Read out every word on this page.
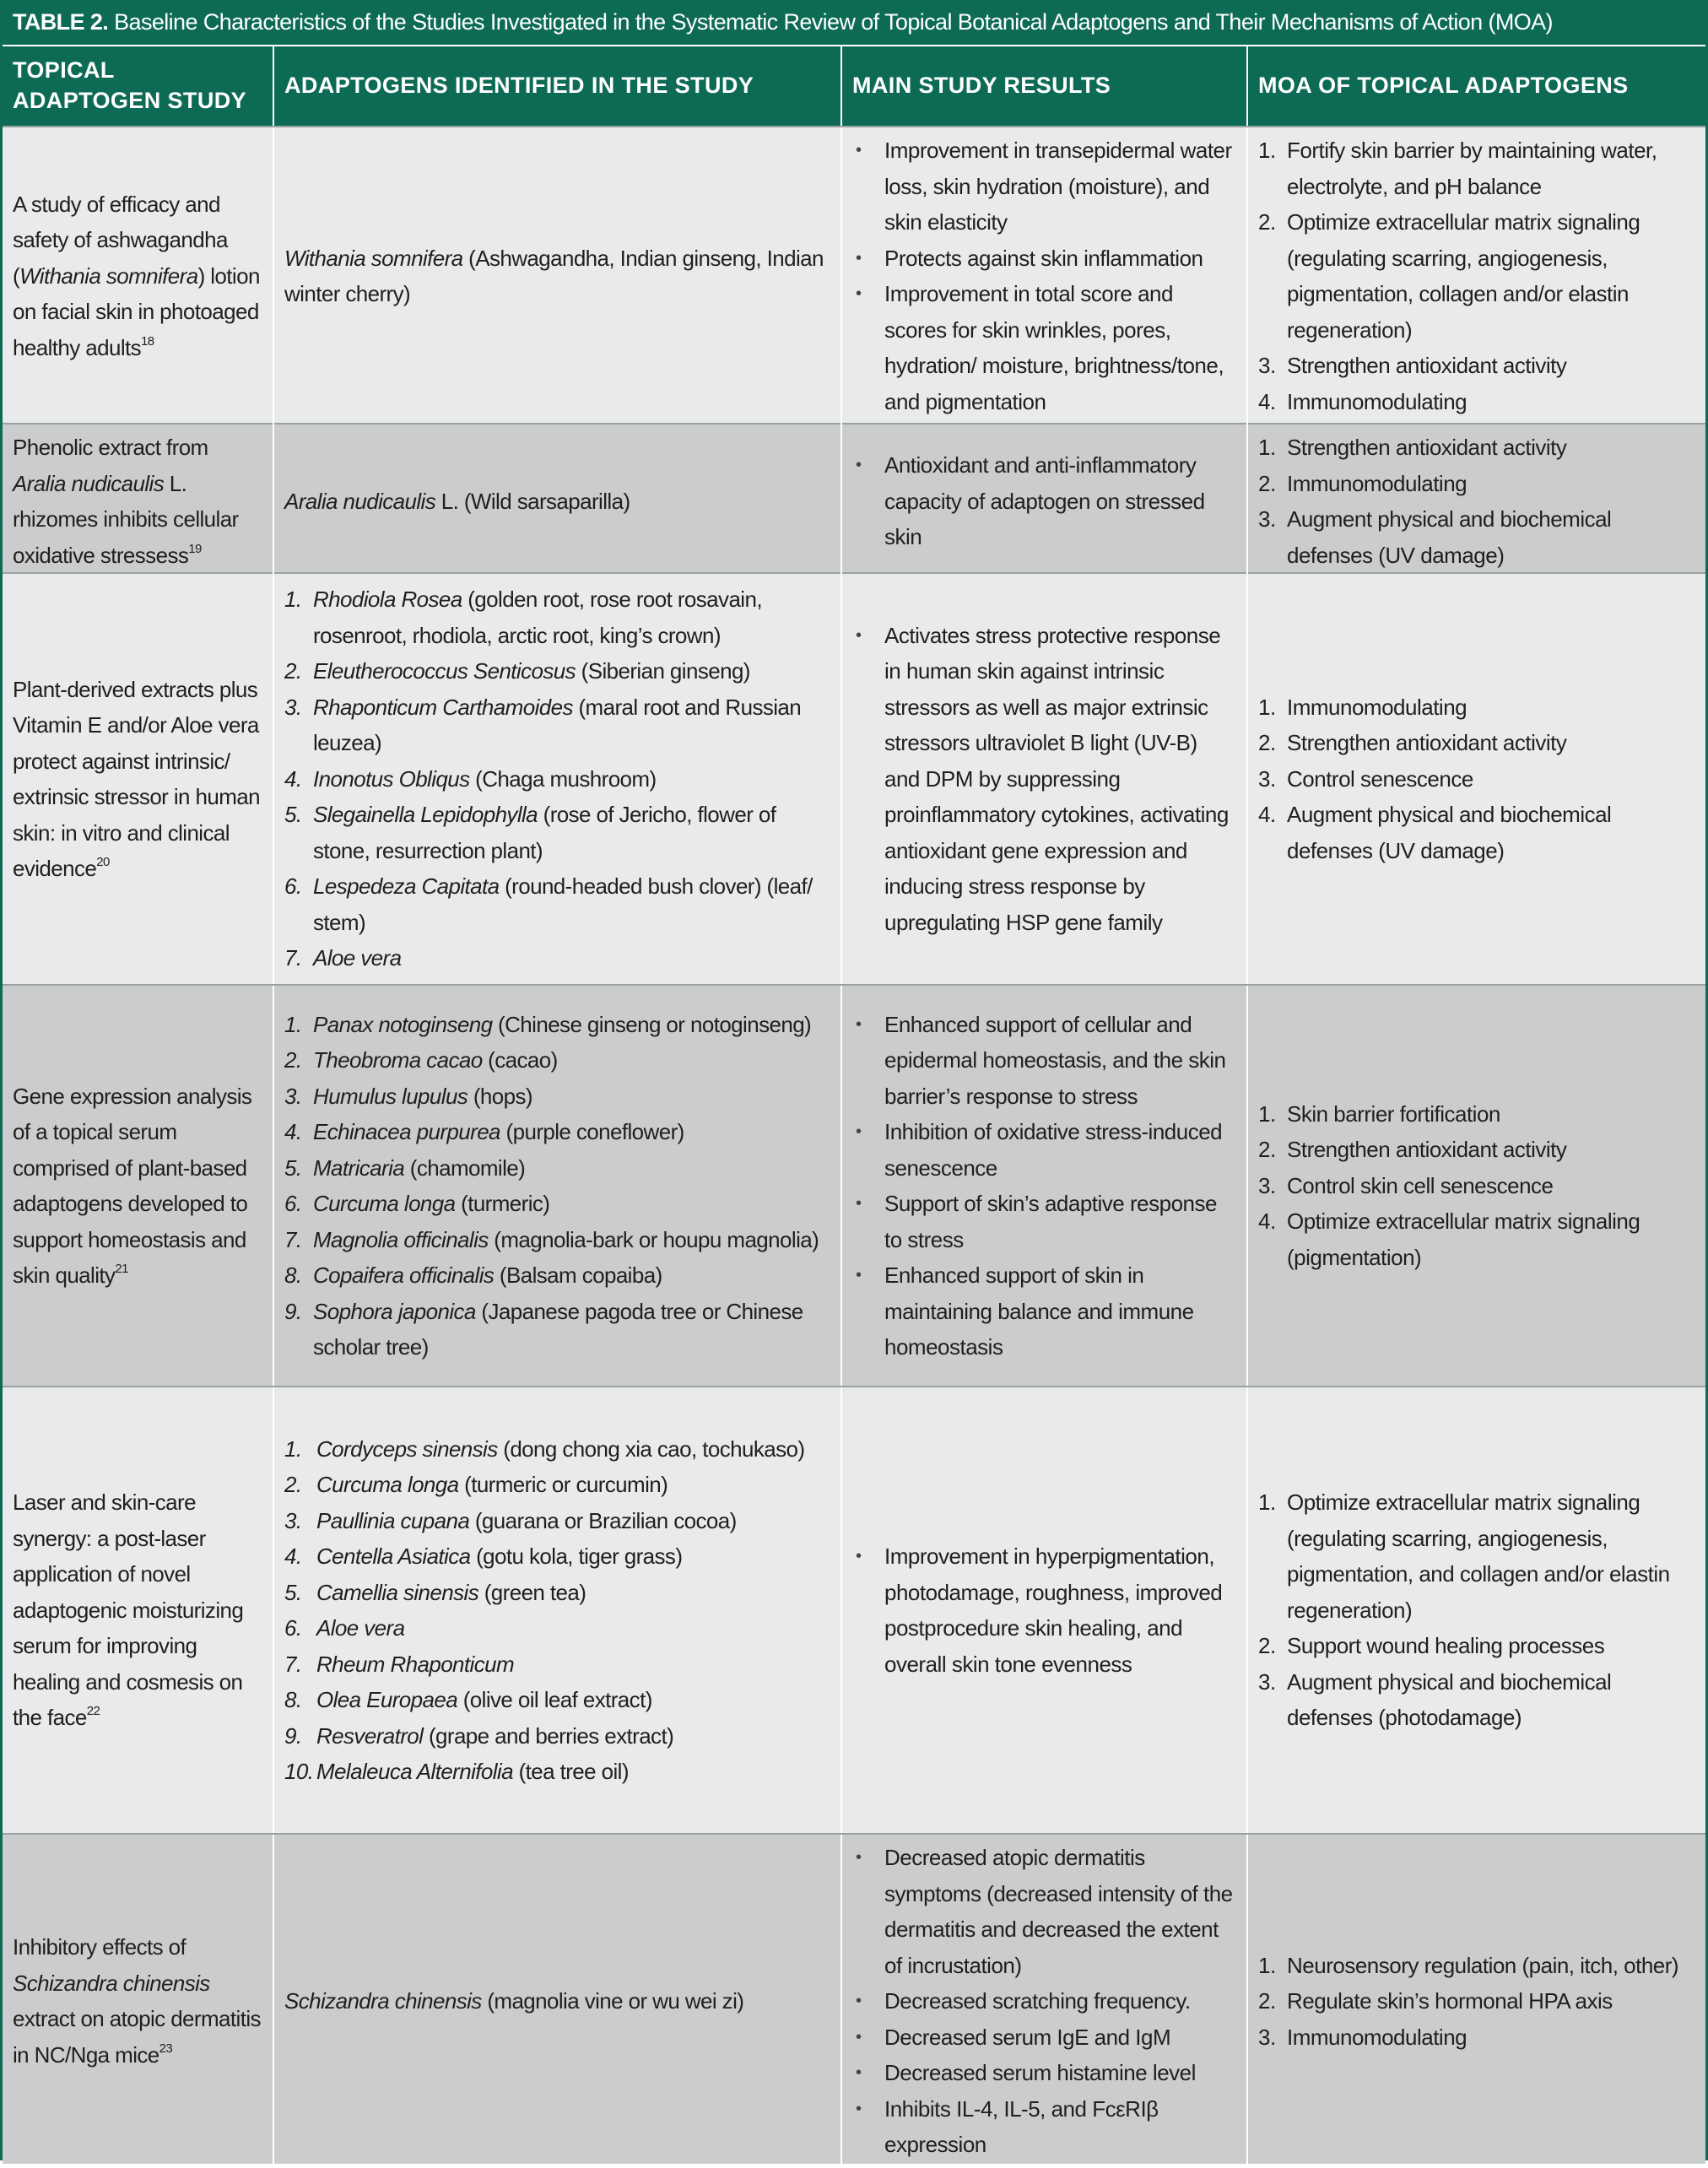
TABLE 2. Baseline Characteristics of the Studies Investigated in the Systematic Review of Topical Botanical Adaptogens and Their Mechanisms of Action (MOA)
TOPICAL ADAPTOGEN STUDY
ADAPTOGENS IDENTIFIED IN THE STUDY	MAIN STUDY RESULTS	MOA OF TOPICAL ADAPTOGENS
A study of efficacy and safety of ashwagandha (Withania somnifera) lotion on facial skin in photoaged healthy adults$^{18}$
Withania somnifera (Ashwagandha, Indian ginseng, Indian winter cherry)
• Improvement in transepidermal water loss, skin hydration (moisture), and skin elasticity
• Protects against skin inflammation
• Improvement in total score and scores for skin wrinkles, pores, hydration/ moisture, brightness/tone, and pigmentation
1. Fortify skin barrier by maintaining water, electrolyte, and pH balance
2. Optimize extracellular matrix signaling (regulating scarring, angiogenesis, pigmentation, collagen and/or elastin regeneration)
3. Strengthen antioxidant activity
4. Immunomodulating
Phenolic extract from Aralia nudicaulis L. rhizomes inhibits cellular oxidative stressess$^{19}$
Aralia nudicaulis L. (Wild sarsaparilla)
• Antioxidant and anti-inflammatory capacity of adaptogen on stressed skin
1. Strengthen antioxidant activity
2. Immunomodulating
3. Augment physical and biochemical defenses (UV damage)
Plant-derived extracts plus Vitamin E and/or Aloe vera protect against intrinsic/ extrinsic stressor in human skin: in vitro and clinical evidence$^{20}$
1. Rhodiola Rosea (golden root, rose root rosavain, rosenroot, rhodiola, arctic root, king’s crown)
2. Eleutherococcus Senticosus (Siberian ginseng)
3. Rhaponticum Carthamoides (maral root and Russian leuzea)
4. Inonotus Obliqus (Chaga mushroom)
5. Slegainella Lepidophylla (rose of Jericho, flower of stone, resurrection plant)
6. Lespedeza Capitata (round-headed bush clover) (leaf/ stem)
7. Aloe vera
• Activates stress protective response in human skin against intrinsic stressors as well as major extrinsic stressors ultraviolet B light (UV-B) and DPM by suppressing proinflammatory cytokines, activating antioxidant gene expression and inducing stress response by upregulating HSP gene family
1. Immunomodulating
2. Strengthen antioxidant activity
3. Control senescence
4. Augment physical and biochemical defenses (UV damage)
Gene expression analysis of a topical serum comprised of plant-based adaptogens developed to support homeostasis and skin quality$^{21}$
1. Panax notoginseng (Chinese ginseng or notoginseng)
2. Theobroma cacao (cacao)
3. Humulus lupulus (hops)
4. Echinacea purpurea (purple coneflower)
5. Matricaria (chamomile)
6. Curcuma longa (turmeric)
7. Magnolia officinalis (magnolia-bark or houpu magnolia)
8. Copaifera officinalis (Balsam copaiba)
9. Sophora japonica (Japanese pagoda tree or Chinese scholar tree)
• Enhanced support of cellular and epidermal homeostasis, and the skin barrier’s response to stress
• Inhibition of oxidative stress-induced senescence
• Support of skin’s adaptive response to stress
• Enhanced support of skin in maintaining balance and immune homeostasis
1. Skin barrier fortification
2. Strengthen antioxidant activity
3. Control skin cell senescence
4. Optimize extracellular matrix signaling (pigmentation)
Laser and skin-care synergy: a post-laser application of novel adaptogenic moisturizing serum for improving healing and cosmesis on the face$^{22}$
1. Cordyceps sinensis (dong chong xia cao, tochukaso)
2. Curcuma longa (turmeric or curcumin)
3. Paullinia cupana (guarana or Brazilian cocoa)
4. Centella Asiatica (gotu kola, tiger grass)
5. Camellia sinensis (green tea)
6. Aloe vera
7. Rheum Rhaponticum
8. Olea Europaea (olive oil leaf extract)
9. Resveratrol (grape and berries extract)
10. Melaleuca Alternifolia (tea tree oil)
• Improvement in hyperpigmentation, photodamage, roughness, improved postprocedure skin healing, and overall skin tone evenness
1. Optimize extracellular matrix signaling (regulating scarring, angiogenesis, pigmentation, and collagen and/or elastin regeneration)
2. Support wound healing processes
3. Augment physical and biochemical defenses (photodamage)
Inhibitory effects of Schizandra chinensis extract on atopic dermatitis in NC/Nga mice$^{23}$
Schizandra chinensis (magnolia vine or wu wei zi)
• Decreased atopic dermatitis symptoms (decreased intensity of the dermatitis and decreased the extent of incrustation)
• Decreased scratching frequency.
• Decreased serum IgE and IgM
• Decreased serum histamine level
• Inhibits IL-4, IL-5, and FcεRIβ expression
1. Neurosensory regulation (pain, itch, other)
2. Regulate skin’s hormonal HPA axis
3. Immunomodulating
